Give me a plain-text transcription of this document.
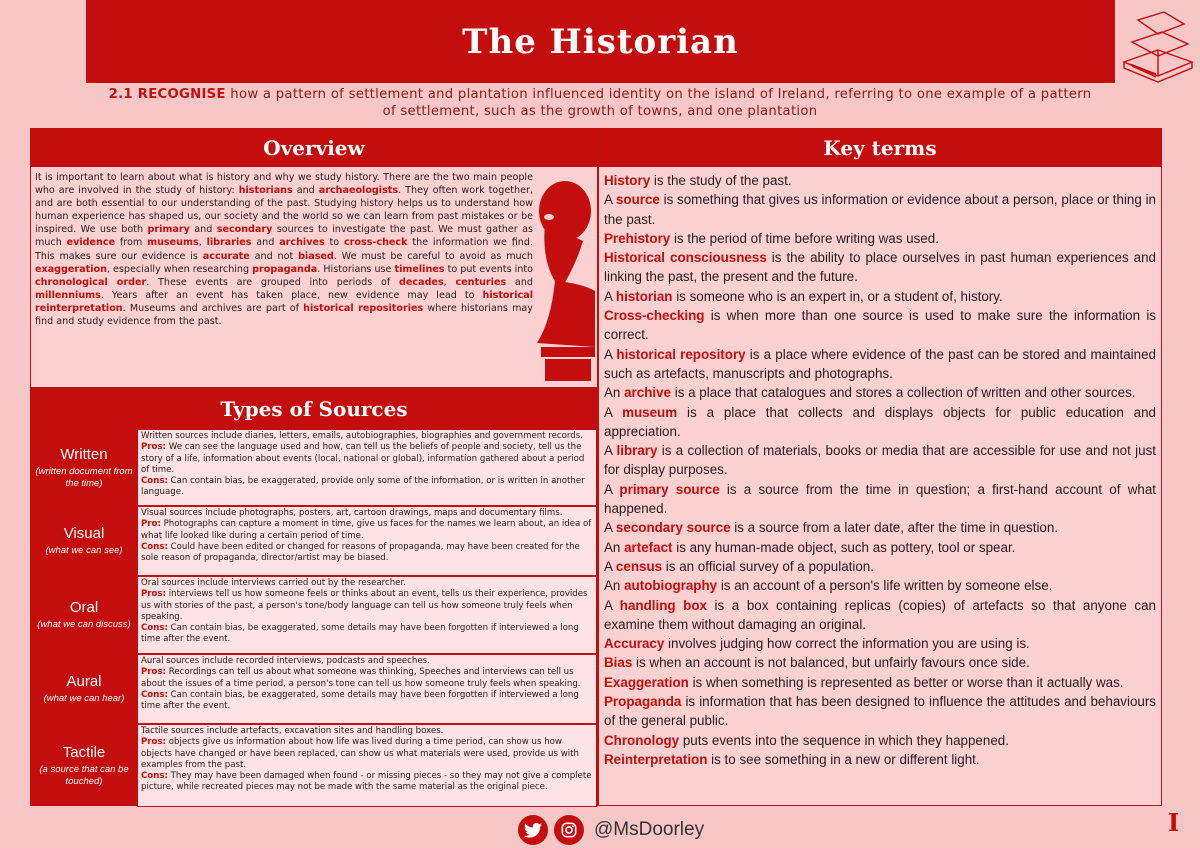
The Historian
2.1 RECOGNISE how a pattern of settlement and plantation influenced identity on the island of Ireland, referring to one example of a pattern of settlement, such as the growth of towns, and one plantation
Overview
It is important to learn about what is history and why we study history. There are the two main people who are involved in the study of history: historians and archaeologists. They often work together, and are both essential to our understanding of the past. Studying history helps us to understand how human experience has shaped us, our society and the world so we can learn from past mistakes or be inspired. We use both primary and secondary sources to investigate the past. We must gather as much evidence from museums, libraries and archives to cross-check the information we find. This makes sure our evidence is accurate and not biased. We must be careful to avoid as much exaggeration, especially when researching propaganda. Historians use timelines to put events into chronological order. These events are grouped into periods of decades, centuries and millenniums. Years after an event has taken place, new evidence may lead to historical reinterpretation. Museums and archives are part of historical repositories where historians may find and study evidence from the past.
Types of Sources
Written
(written document from the time)

Written sources include diaries, letters, emails, autobiographies, biographies and government records.

Pros: We can see the language used and how, can tell us the beliefs of people and society, tell us the story of a life, information about events (local, national or global), information gathered about a period of time.

Cons: Can contain bias, be exaggerated, provide only some of the information, or is written in another language.

Visual
(what we can see)

Visual sources include photographs, posters, art, cartoon drawings, maps and documentary films.

Pro: Photographs can capture a moment in time, give us faces for the names we learn about, an idea of what life looked like during a certain period of time.

Cons: Could have been edited or changed for reasons of propaganda, may have been created for the sole reason of propaganda, director/artist may be biased.

Oral
(what we can discuss)

Oral sources include interviews carried out by the researcher.

Pros: interviews tell us how someone feels or thinks about an event, tells us their experience, provides us with stories of the past, a person's tone/body language can tell us how someone truly feels when speaking.

Cons: Can contain bias, be exaggerated, some details may have been forgotten if interviewed a long time after the event.

Aural
(what we can hear)

Aural sources include recorded interviews, podcasts and speeches.

Pros: Recordings can tell us about what someone was thinking, Speeches and interviews can tell us about the issues of a time period, a person's tone can tell us how someone truly feels when speaking.

Cons: Can contain bias, be exaggerated, some details may have been forgotten if interviewed a long time after the event.

Tactile
(a source that can be touched)

Tactile sources include artefacts, excavation sites and handling boxes.

Pros: objects give us information about how life was lived during a time period, can show us how objects have changed or have been replaced, can show us what materials were used, provide us with examples from the past.

Cons: They may have been damaged when found - or missing pieces - so they may not give a complete picture, while recreated pieces may not be made with the same material as the original piece.

Key terms

History is the study of the past.

A source is something that gives us information or evidence about a person, place or thing in the past.

Prehistory is the period of time before writing was used.

Historical consciousness is the ability to place ourselves in past human experiences and linking the past, the present and the future.

A historian is someone who is an expert in, or a student of, history.

Cross-checking is when more than one source is used to make sure the information is correct.

A historical repository is a place where evidence of the past can be stored and maintained such as artefacts, manuscripts and photographs.

An archive is a place that catalogues and stores a collection of written and other sources.

A museum is a place that collects and displays objects for public education and appreciation.

A library is a collection of materials, books or media that are accessible for use and not just for display purposes.

A primary source is a source from the time in question; a first-hand account of what happened.

A secondary source is a source from a later date, after the time in question.

An artefact is any human-made object, such as pottery, tool or spear.

A census is an official survey of a population.

An autobiography is an account of a person's life written by someone else.

A handling box is a box containing replicas (copies) of artefacts so that anyone can examine them without damaging an original.

Accuracy involves judging how correct the information you are using is.

Bias is when an account is not balanced, but unfairly favours once side.

Exaggeration is when something is represented as better or worse than it actually was.

Propaganda is information that has been designed to influence the attitudes and behaviours of the general public.

Chronology puts events into the sequence in which they happened.

Reinterpretation is to see something in a new or different light.

@MsDoorley	I
